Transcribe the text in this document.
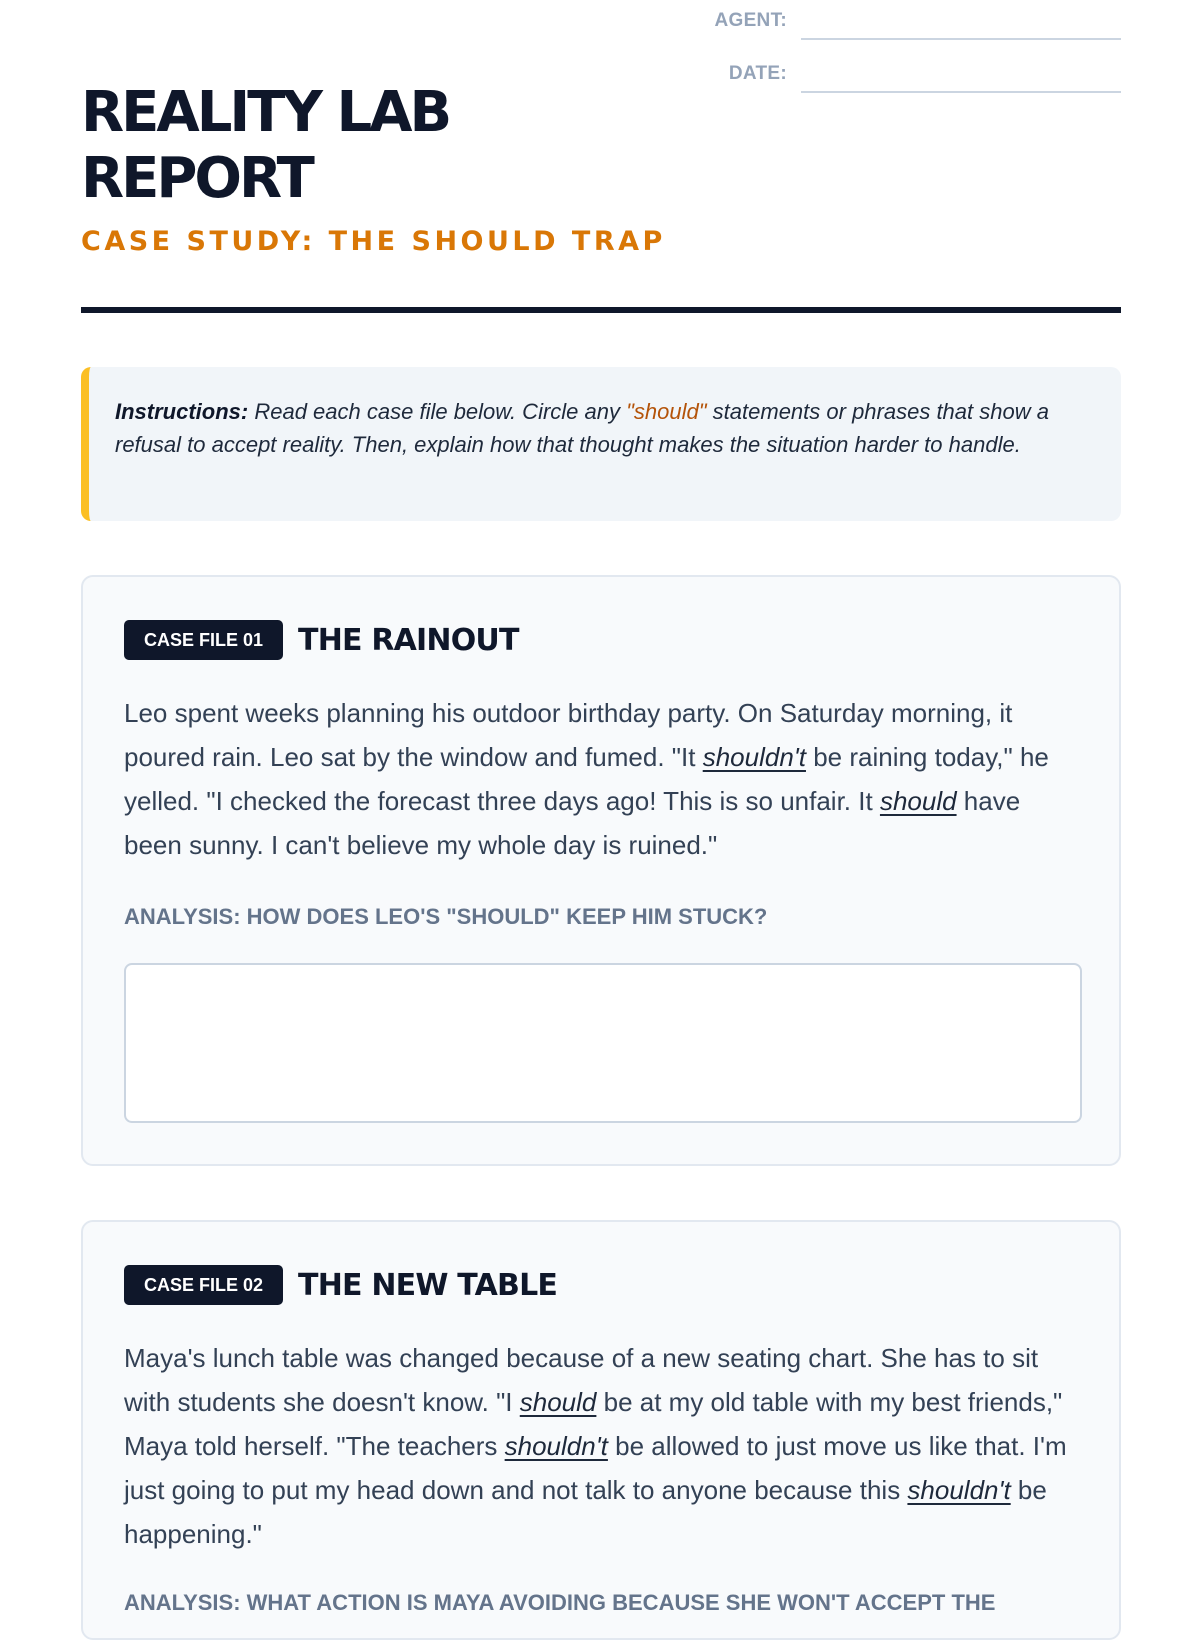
REALITY LAB REPORT
CASE STUDY: THE SHOULD TRAP
AGENT:
DATE:
Instructions: Read each case file below. Circle any "should" statements or phrases that show a refusal to accept reality. Then, explain how that thought makes the situation harder to handle.
CASE FILE 01	THE RAINOUT

Leo spent weeks planning his outdoor birthday party. On Saturday morning, it poured rain. Leo sat by the window and fumed. "It shouldn't be raining today," he yelled. "I checked the forecast three days ago! This is so unfair. It should have been sunny. I can't believe my whole day is ruined."

ANALYSIS: HOW DOES LEO'S "SHOULD" KEEP HIM STUCK?
CASE FILE 02	THE NEW TABLE

Maya's lunch table was changed because of a new seating chart. She has to sit with students she doesn't know. "I should be at my old table with my best friends," Maya told herself. "The teachers shouldn't be allowed to just move us like that. I'm just going to put my head down and not talk to anyone because this shouldn't be happening."

ANALYSIS: WHAT ACTION IS MAYA AVOIDING BECAUSE SHE WON'T ACCEPT THE
